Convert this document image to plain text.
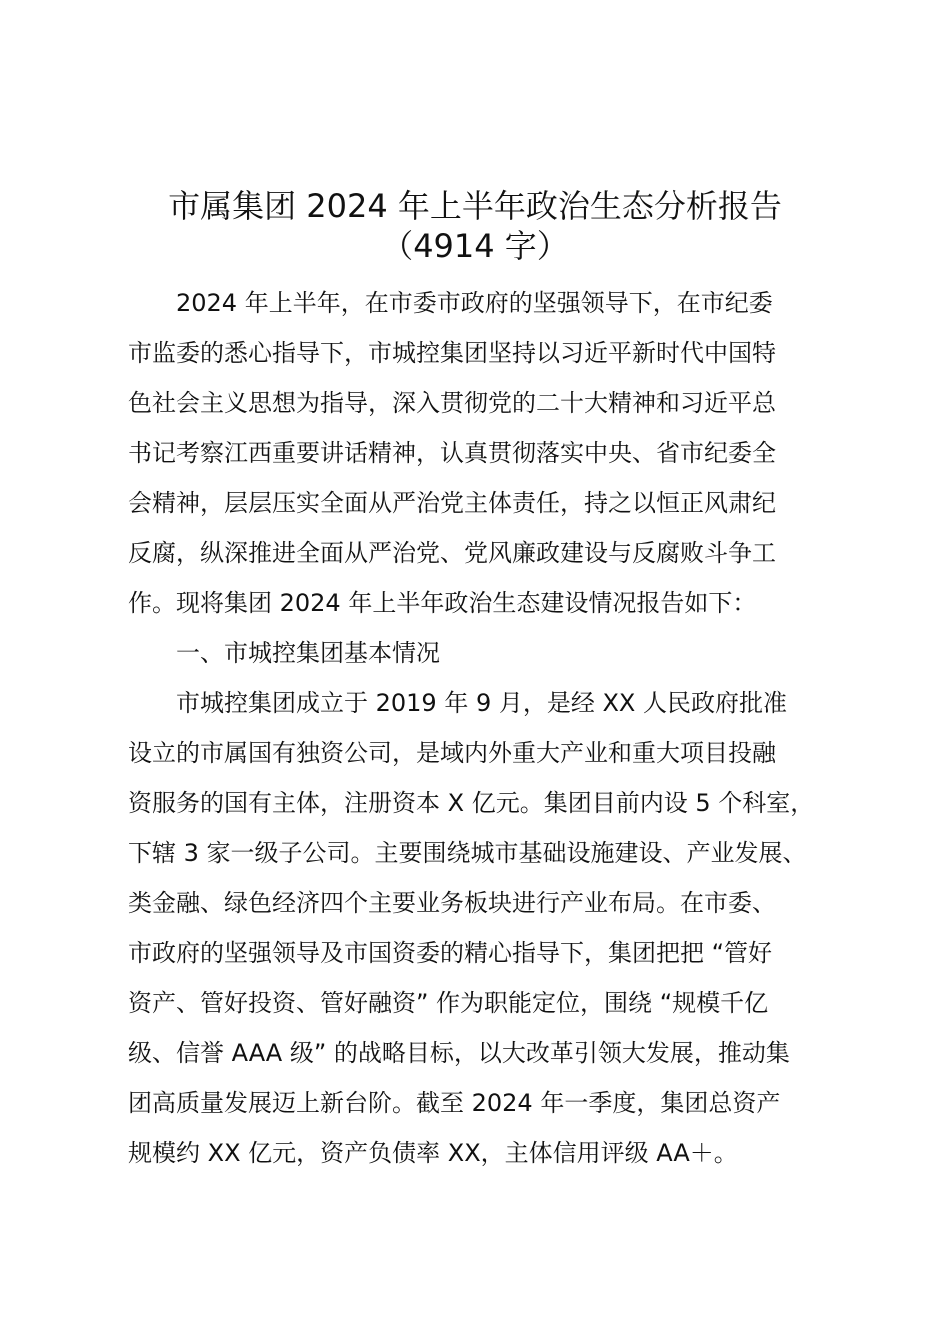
市属集团 2024 年上半年政治生态分析报告
（4914 字）
2024 年上半年，在市委市政府的坚强领导下，在市纪委
市监委的悉心指导下，市城控集团坚持以习近平新时代中国特
色社会主义思想为指导，深入贯彻党的二十大精神和习近平总
书记考察江西重要讲话精神，认真贯彻落实中央、省市纪委全
会精神，层层压实全面从严治党主体责任，持之以恒正风肃纪
反腐，纵深推进全面从严治党、党风廉政建设与反腐败斗争工
作。现将集团 2024 年上半年政治生态建设情况报告如下：
一、市城控集团基本情况
市城控集团成立于 2019 年 9 月，是经 XX 人民政府批准
设立的市属国有独资公司，是域内外重大产业和重大项目投融
资服务的国有主体，注册资本 X 亿元。集团目前内设 5 个科室，
下辖 3 家一级子公司。主要围绕城市基础设施建设、产业发展、
类金融、绿色经济四个主要业务板块进行产业布局。在市委、
市政府的坚强领导及市国资委的精心指导下，集团把把 “管好
资产、管好投资、管好融资” 作为职能定位，围绕 “规模千亿
级、信誉 AAA 级” 的战略目标，以大改革引领大发展，推动集
团高质量发展迈上新台阶。截至 2024 年一季度，集团总资产
规模约 XX 亿元，资产负债率 XX，主体信用评级 AA＋。
